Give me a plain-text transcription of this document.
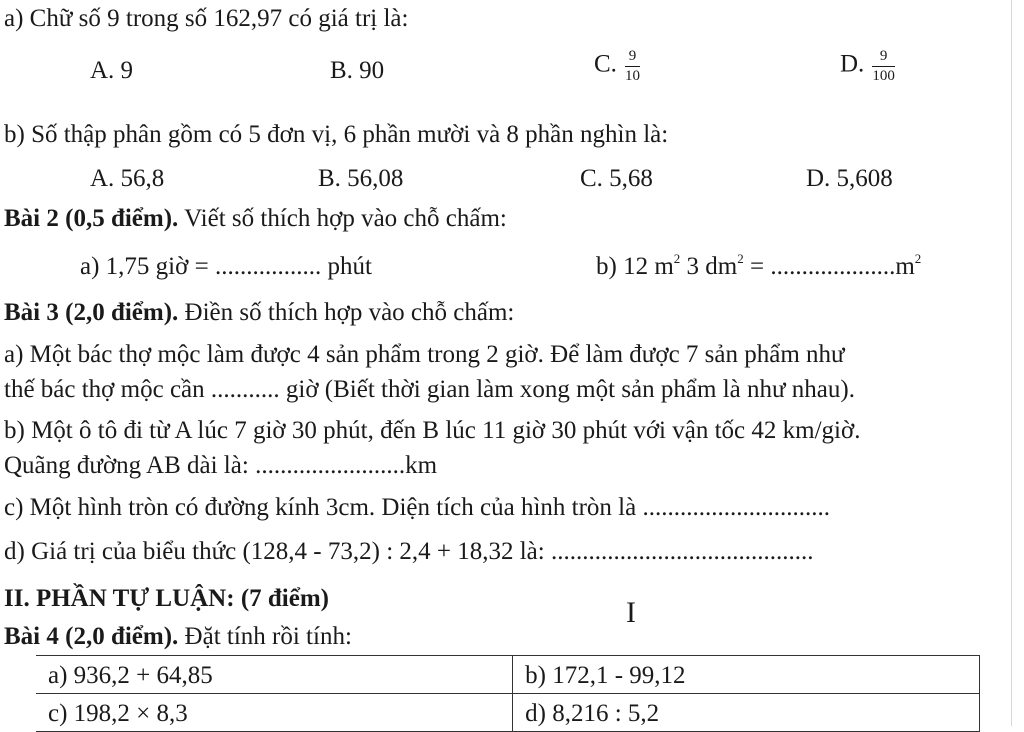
a) Chữ số 9 trong số 162,97 có giá trị là:
A. 9	B. 90	C. $\frac{9}{10}$	D. $\frac{9}{100}$
b) Số thập phân gồm có 5 đơn vị, 6 phần mười và 8 phần nghìn là:
A. 56,8	B. 56,08	C. 5,68	D. 5,608
Bài 2 (0,5 điểm). Viết số thích hợp vào chỗ chấm:
a) 1,75 giờ = ................. phút	b) 12 $m^2$ 3 $dm^2 = ....................m^2$
Bài 3 (2,0 điểm). Điền số thích hợp vào chỗ chấm:
a) Một bác thợ mộc làm được 4 sản phẩm trong 2 giờ. Để làm được 7 sản phẩm như
thế bác thợ mộc cần ........... giờ (Biết thời gian làm xong một sản phẩm là như nhau).
b) Một ô tô đi từ A lúc 7 giờ 30 phút, đến B lúc 11 giờ 30 phút với vận tốc 42 km/giờ.
Quãng đường AB dài là: ........................km
c) Một hình tròn có đường kính 3cm. Diện tích của hình tròn là ..............................
d) Giá trị của biểu thức (128,4 - 73,2) : 2,4 + 18,32 là: ..........................................
II. PHẦN TỰ LUẬN: (7 điểm)	I
Bài 4 (2,0 điểm). Đặt tính rồi tính:
a) 936,2 + 64,85	b) 172,1 - 99,12
c) 198,2 × 8,3	d) 8,216 : 5,2
